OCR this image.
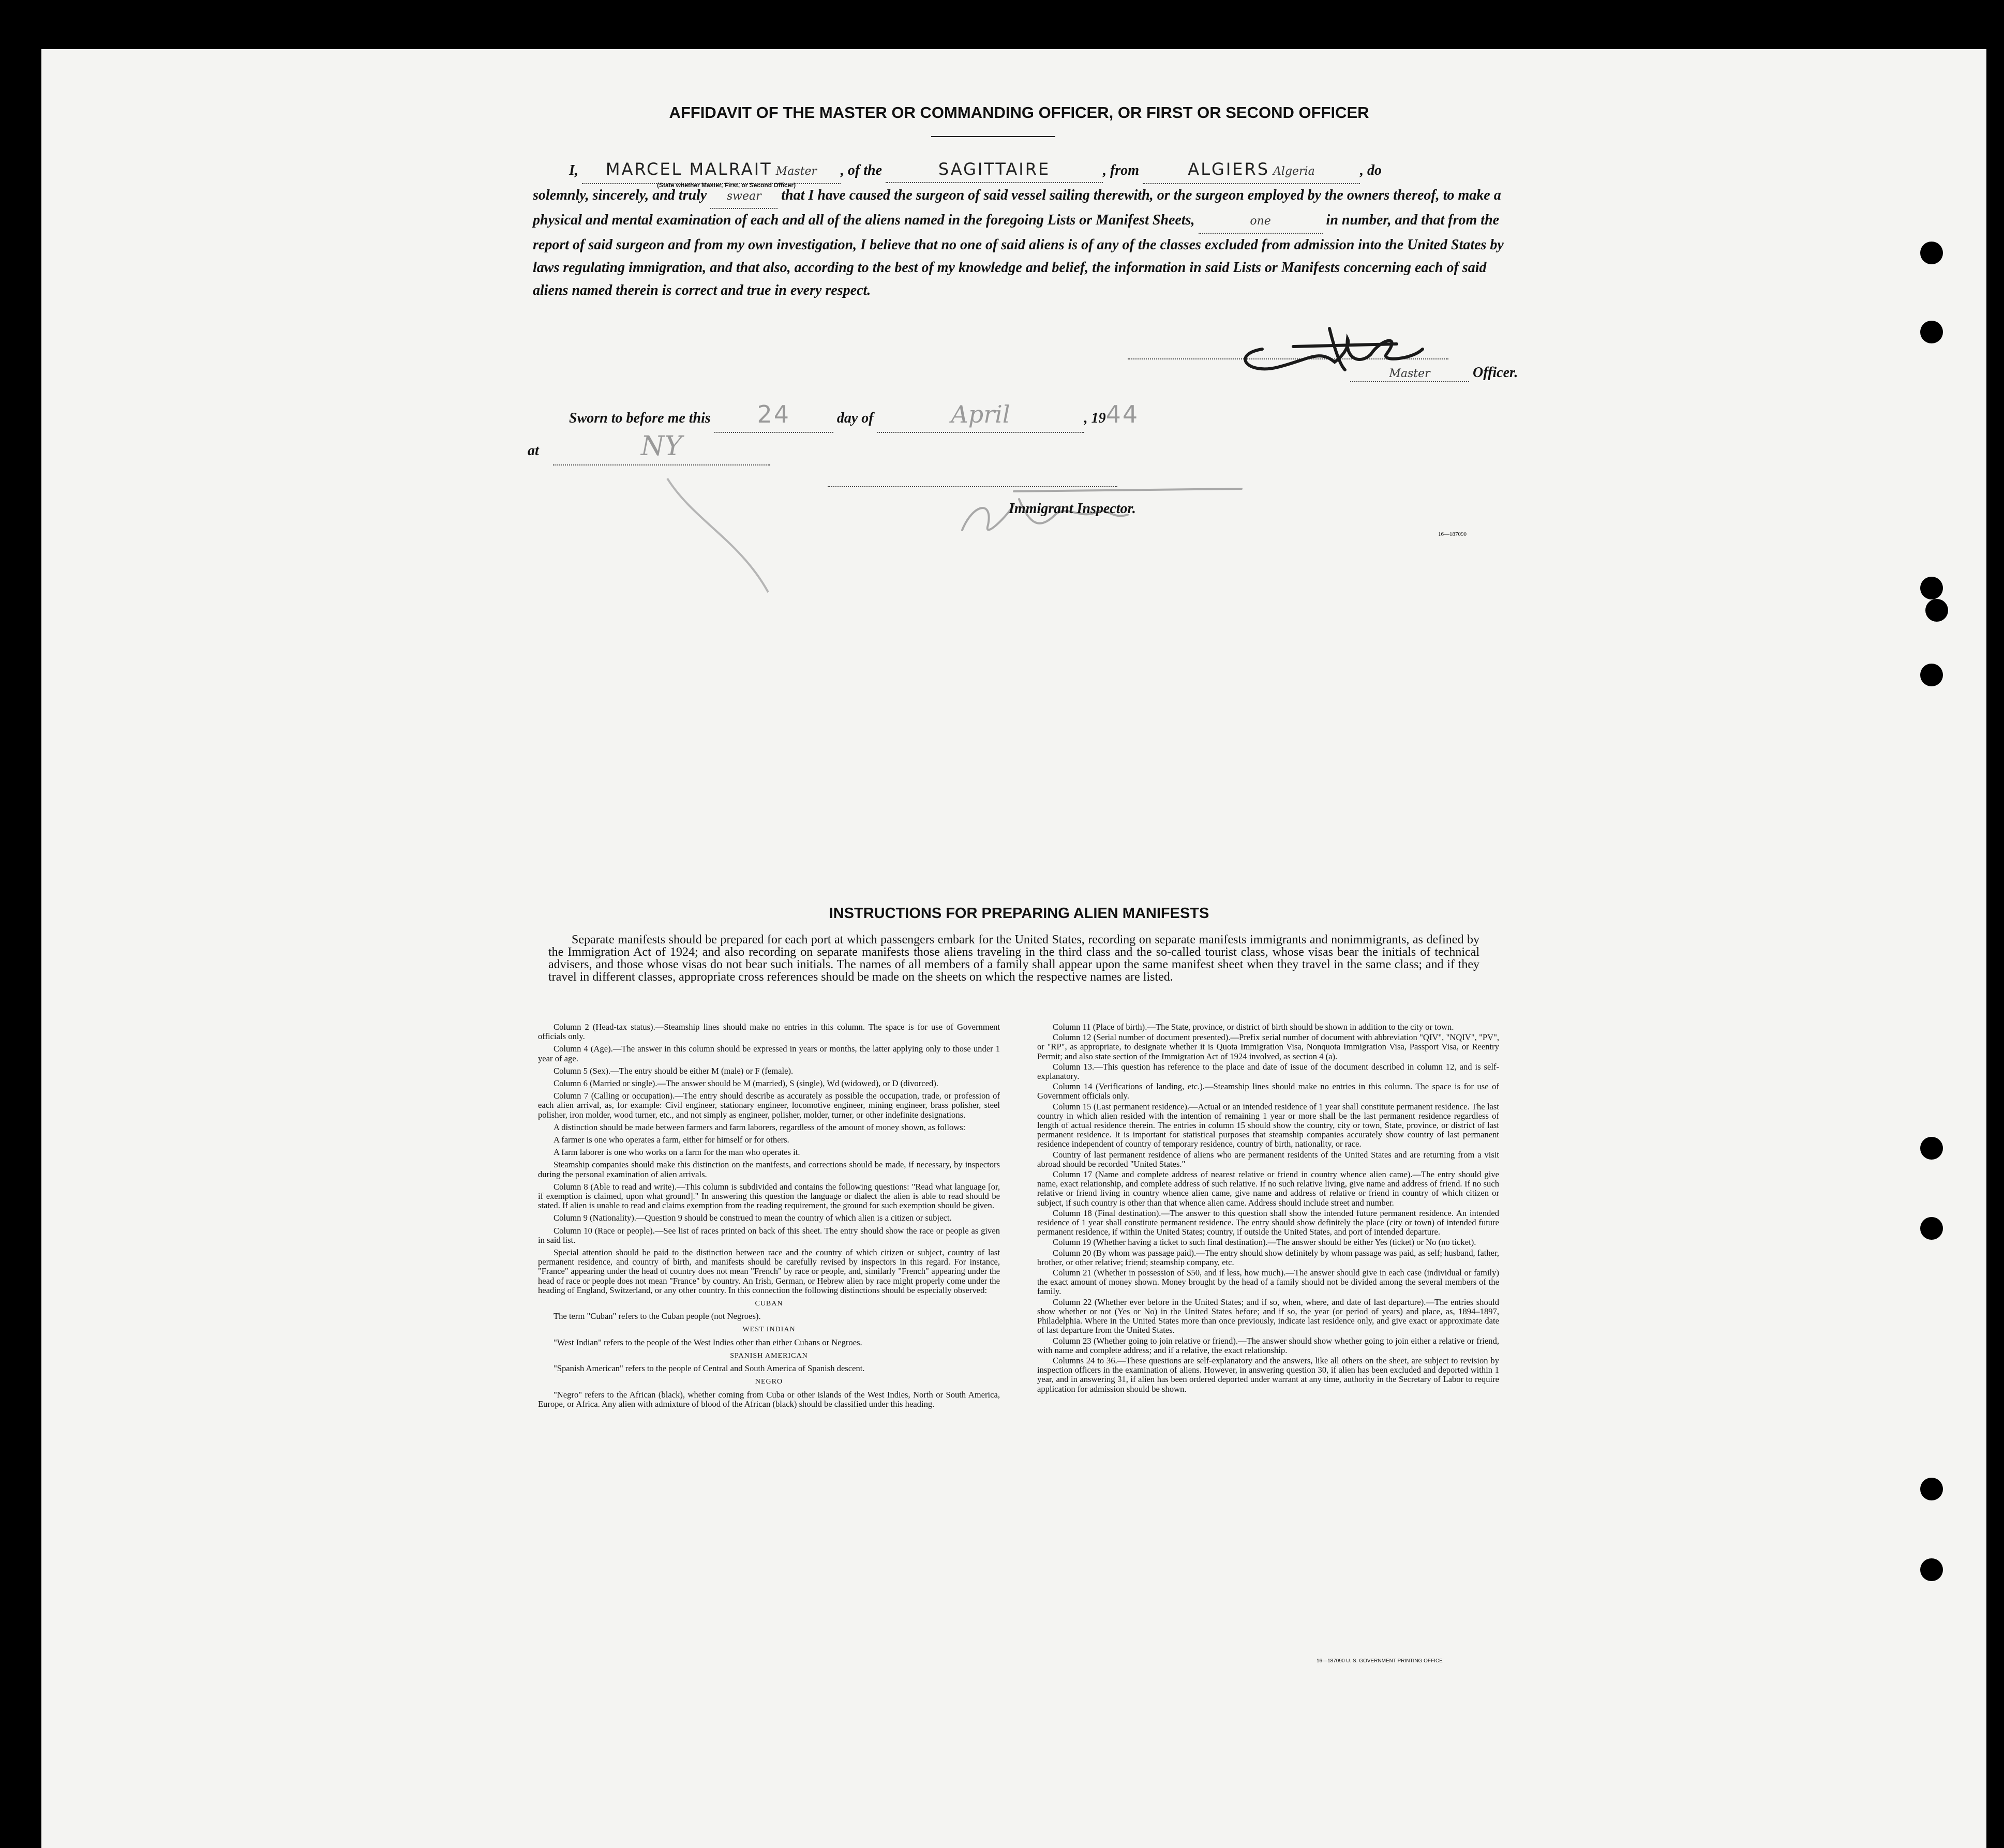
AFFIDAVIT OF THE MASTER OR COMMANDING OFFICER, OR FIRST OR SECOND OFFICER
I, MARCEL MALRAIT Master , of the	SAGITTAIRE	, from	ALGIERS Algeria	, do
solemnly, sincerely, and truly swear that I have caused the surgeon of said vessel sailing therewith, or the surgeon employed by the owners thereof, to make a physical and mental examination of each and all of the aliens named in the foregoing Lists or Manifest Sheets,	one	in number, and that from the report of said surgeon and from my own investigation, I believe that no one of said aliens is of any of the classes excluded from admission into the United States by laws regulating immigration, and that also, according to the best of my knowledge and belief, the information in said Lists or Manifests concerning each of said aliens named therein is correct and true in every respect.
(State whether Master, First, or Second Officer)
Master	Officer.
Sworn to before me this 24	day of	April	, 1944
at	NY
Immigrant Inspector.
16—187090
INSTRUCTIONS FOR PREPARING ALIEN MANIFESTS
Separate manifests should be prepared for each port at which passengers embark for the United States, recording on separate manifests immigrants and nonimmigrants, as defined by the Immigration Act of 1924; and also recording on separate manifests those aliens traveling in the third class and the so-called tourist class, whose visas bear the initials of technical advisers, and those whose visas do not bear such initials. The names of all members of a family shall appear upon the same manifest sheet when they travel in the same class; and if they travel in different classes, appropriate cross references should be made on the sheets on which the respective names are listed.

Column 2 (Head-tax status).—Steamship lines should make no entries in this column. The space is for use of Government officials only.

Column 4 (Age).—The answer in this column should be expressed in years or months, the latter applying only to those under 1 year of age.

Column 5 (Sex).—The entry should be either M (male) or F (female).

Column 6 (Married or single).—The answer should be M (married), S (single), Wd (widowed), or D (divorced).

Column 7 (Calling or occupation).—The entry should describe as accurately as possible the occupation, trade, or profession of each alien arrival, as, for example: Civil engineer, stationary engineer, locomotive engineer, mining engineer, brass polisher, steel polisher, iron molder, wood turner, etc., and not simply as engineer, polisher, molder, turner, or other indefinite designations.

A distinction should be made between farmers and farm laborers, regardless of the amount of money shown, as follows:

A farmer is one who operates a farm, either for himself or for others.

A farm laborer is one who works on a farm for the man who operates it.

Steamship companies should make this distinction on the manifests, and corrections should be made, if necessary, by inspectors during the personal examination of alien arrivals.

Column 8 (Able to read and write).—This column is subdivided and contains the following questions: "Read what language [or, if exemption is claimed, upon what ground]." In answering this question the language or dialect the alien is able to read should be stated. If alien is unable to read and claims exemption from the reading requirement, the ground for such exemption should be given.

Column 9 (Nationality).—Question 9 should be construed to mean the country of which alien is a citizen or subject.

Column 10 (Race or people).—See list of races printed on back of this sheet. The entry should show the race or people as given in said list.

Special attention should be paid to the distinction between race and the country of which citizen or subject, country of last permanent residence, and country of birth, and manifests should be carefully revised by inspectors in this regard. For instance, "France" appearing under the head of country does not mean "French" by race or people, and, similarly "French" appearing under the head of race or people does not mean "France" by country. An Irish, German, or Hebrew alien by race might properly come under the heading of England, Switzerland, or any other country. In this connection the following distinctions should be especially observed:

CUBAN

The term "Cuban" refers to the Cuban people (not Negroes).

WEST INDIAN

"West Indian" refers to the people of the West Indies other than either Cubans or Negroes.

SPANISH AMERICAN

"Spanish American" refers to the people of Central and South America of Spanish descent.

NEGRO

"Negro" refers to the African (black), whether coming from Cuba or other islands of the West Indies, North or South America, Europe, or Africa. Any alien with admixture of blood of the African (black) should be classified under this heading.

Column 11 (Place of birth).—The State, province, or district of birth should be shown in addition to the city or town.

Column 12 (Serial number of document presented).—Prefix serial number of document with abbreviation "QIV", "NQIV", "PV", or "RP", as appropriate, to designate whether it is Quota Immigration Visa, Nonquota Immigration Visa, Passport Visa, or Reentry Permit; and also state section of the Immigration Act of 1924 involved, as section 4 (a).

Column 13.—This question has reference to the place and date of issue of the document described in column 12, and is self-explanatory.

Column 14 (Verifications of landing, etc.).—Steamship lines should make no entries in this column. The space is for use of Government officials only.

Column 15 (Last permanent residence).—Actual or an intended residence of 1 year shall constitute permanent residence. The last country in which alien resided with the intention of remaining 1 year or more shall be the last permanent residence regardless of length of actual residence therein. The entries in column 15 should show the country, city or town, State, province, or district of last permanent residence. It is important for statistical purposes that steamship companies accurately show country of last permanent residence independent of country of temporary residence, country of birth, nationality, or race.

Country of last permanent residence of aliens who are permanent residents of the United States and are returning from a visit abroad should be recorded "United States."

Column 17 (Name and complete address of nearest relative or friend in country whence alien came).—The entry should give name, exact relationship, and complete address of such relative. If no such relative living, give name and address of friend. If no such relative or friend living in country whence alien came, give name and address of relative or friend in country of which citizen or subject, if such country is other than that whence alien came. Address should include street and number.

Column 18 (Final destination).—The answer to this question shall show the intended future permanent residence. An intended residence of 1 year shall constitute permanent residence. The entry should show definitely the place (city or town) of intended future permanent residence, if within the United States; country, if outside the United States, and port of intended departure.

Column 19 (Whether having a ticket to such final destination).—The answer should be either Yes (ticket) or No (no ticket).

Column 20 (By whom was passage paid).—The entry should show definitely by whom passage was paid, as self; husband, father, brother, or other relative; friend; steamship company, etc.

Column 21 (Whether in possession of $50, and if less, how much).—The answer should give in each case (individual or family) the exact amount of money shown. Money brought by the head of a family should not be divided among the several members of the family.

Column 22 (Whether ever before in the United States; and if so, when, where, and date of last departure).—The entries should show whether or not (Yes or No) in the United States before; and if so, the year (or period of years) and place, as, 1894–1897, Philadelphia. Where in the United States more than once previously, indicate last residence only, and give exact or approximate date of last departure from the United States.

Column 23 (Whether going to join relative or friend).—The answer should show whether going to join either a relative or friend, with name and complete address; and if a relative, the exact relationship.

Columns 24 to 36.—These questions are self-explanatory and the answers, like all others on the sheet, are subject to revision by inspection officers in the examination of aliens. However, in answering question 30, if alien has been excluded and deported within 1 year, and in answering 31, if alien has been ordered deported under warrant at any time, authority in the Secretary of Labor to require application for admission should be shown.

16—187090 U. S. GOVERNMENT PRINTING OFFICE
